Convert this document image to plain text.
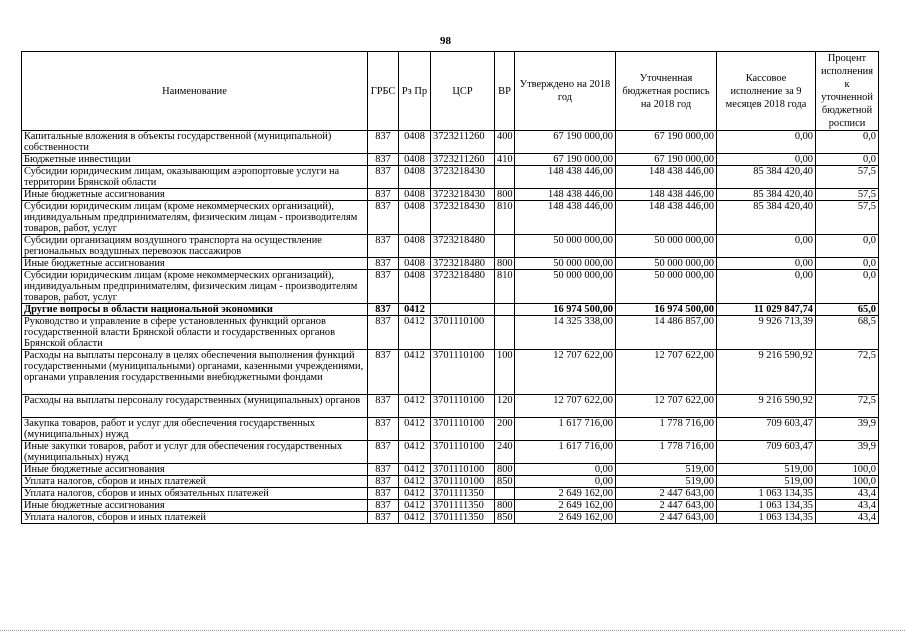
98
Наименование	ГРБС	Рз Пр	ЦСР	ВР	Утверждено на 2018 год	Уточненная бюджетная роспись на 2018 год	Кассовое исполнение за 9 месяцев 2018 года	Процент исполнения к уточненной бюджетной росписи
Капитальные вложения в объекты государственной (муниципальной) собственности	837	0408	3723211260	400	67 190 000,00	67 190 000,00	0,00	0,0
Бюджетные инвестиции	837	0408	3723211260	410	67 190 000,00	67 190 000,00	0,00	0,0
Субсидии юридическим лицам, оказывающим аэропортовые услуги на территории Брянской области	837	0408	3723218430		148 438 446,00	148 438 446,00	85 384 420,40	57,5
Иные бюджетные ассигнования	837	0408	3723218430	800	148 438 446,00	148 438 446,00	85 384 420,40	57,5
Субсидии юридическим лицам (кроме некоммерческих организаций), индивидуальным предпринимателям, физическим лицам - производителям товаров, работ, услуг	837	0408	3723218430	810	148 438 446,00	148 438 446,00	85 384 420,40	57,5
Субсидии организациям воздушного транспорта на осуществление региональных воздушных перевозок пассажиров	837	0408	3723218480		50 000 000,00	50 000 000,00	0,00	0,0
Иные бюджетные ассигнования	837	0408	3723218480	800	50 000 000,00	50 000 000,00	0,00	0,0
Субсидии юридическим лицам (кроме некоммерческих организаций), индивидуальным предпринимателям, физическим лицам - производителям товаров, работ, услуг	837	0408	3723218480	810	50 000 000,00	50 000 000,00	0,00	0,0
Другие вопросы в области национальной экономики	837	0412			16 974 500,00	16 974 500,00	11 029 847,74	65,0
Руководство и управление в сфере установленных функций органов государственной власти Брянской области и государственных органов Брянской области	837	0412	3701110100		14 325 338,00	14 486 857,00	9 926 713,39	68,5
Расходы на выплаты персоналу в целях обеспечения выполнения функций государственными (муниципальными) органами, казенными учреждениями, органами управления государственными внебюджетными фондами	837	0412	3701110100	100	12 707 622,00	12 707 622,00	9 216 590,92	72,5
Расходы на выплаты персоналу государственных (муниципальных) органов	837	0412	3701110100	120	12 707 622,00	12 707 622,00	9 216 590,92	72,5
Закупка товаров, работ и услуг для обеспечения государственных (муниципальных) нужд	837	0412	3701110100	200	1 617 716,00	1 778 716,00	709 603,47	39,9
Иные закупки товаров, работ и услуг для обеспечения государственных (муниципальных) нужд	837	0412	3701110100	240	1 617 716,00	1 778 716,00	709 603,47	39,9
Иные бюджетные ассигнования	837	0412	3701110100	800	0,00	519,00	519,00	100,0
Уплата налогов, сборов и иных платежей	837	0412	3701110100	850	0,00	519,00	519,00	100,0
Уплата налогов, сборов и иных обязательных платежей	837	0412	3701111350		2 649 162,00	2 447 643,00	1 063 134,35	43,4
Иные бюджетные ассигнования	837	0412	3701111350	800	2 649 162,00	2 447 643,00	1 063 134,35	43,4
Уплата налогов, сборов и иных платежей	837	0412	3701111350	850	2 649 162,00	2 447 643,00	1 063 134,35	43,4
